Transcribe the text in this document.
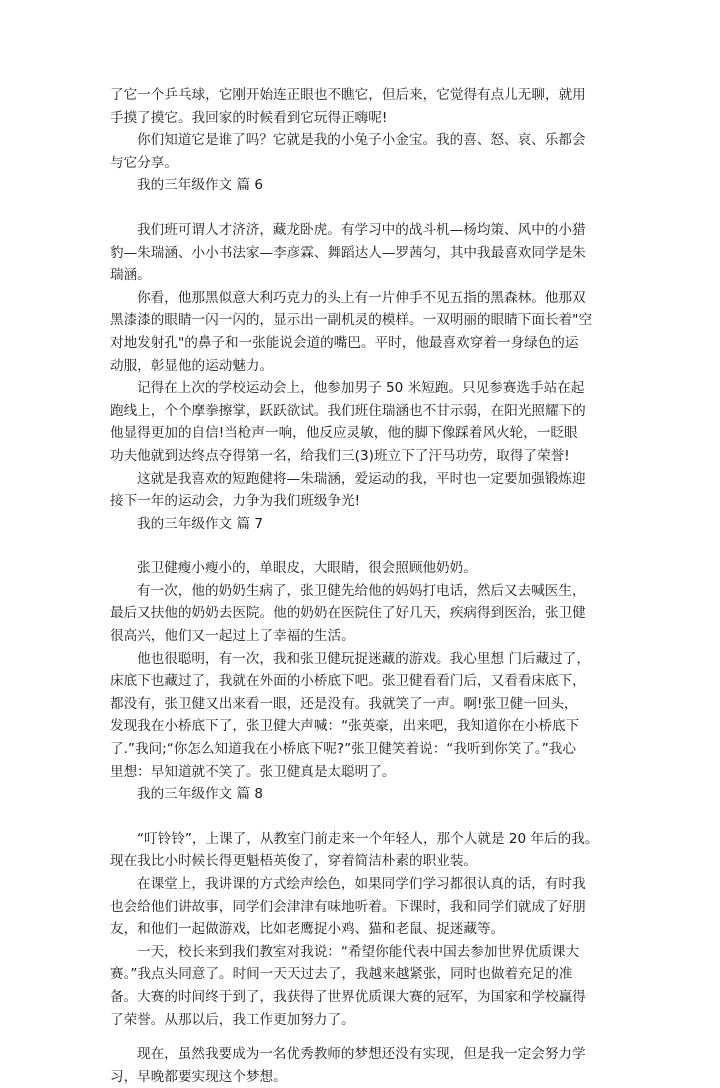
了它一个乒乓球，它刚开始连正眼也不瞧它，但后来，它觉得有点儿无聊，就用
手摸了摸它。我回家的时候看到它玩得正嗨呢!
你们知道它是谁了吗？它就是我的小兔子小金宝。我的喜、怒、哀、乐都会
与它分享。
我的三年级作文 篇 6
我们班可谓人才济济，藏龙卧虎。有学习中的战斗机—杨均策、风中的小猎
豹—朱瑞涵、小小书法家—李彦霖、舞蹈达人—罗茜匀，其中我最喜欢同学是朱
瑞涵。
你看，他那黑似意大利巧克力的头上有一片伸手不见五指的黑森林。他那双
黑漆漆的眼睛一闪一闪的，显示出一副机灵的模样。一双明丽的眼睛下面长着"空
对地发射孔"的鼻子和一张能说会道的嘴巴。平时，他最喜欢穿着一身绿色的运
动服，彰显他的运动魅力。
记得在上次的学校运动会上，他参加男子 50 米短跑。只见参赛选手站在起
跑线上，个个摩拳擦掌，跃跃欲试。我们班住瑞涵也不甘示弱，在阳光照耀下的
他显得更加的自信!当枪声一响，他反应灵敏，他的脚下像踩着风火轮，一眨眼
功夫他就到达终点夺得第一名，给我们三(3)班立下了汗马功劳，取得了荣誉!
这就是我喜欢的短跑健将—朱瑞涵，爱运动的我，平时也一定要加强锻炼迎
接下一年的运动会，力争为我们班级争光!
我的三年级作文 篇 7
张卫健瘦小瘦小的，单眼皮，大眼睛，很会照顾他奶奶。
有一次，他的奶奶生病了，张卫健先给他的妈妈打电话，然后又去喊医生，
最后又扶他的奶奶去医院。他的奶奶在医院住了好几天，疾病得到医治，张卫健
很高兴，他们又一起过上了幸福的生活。
他也很聪明，有一次，我和张卫健玩捉迷藏的游戏。我心里想 门后藏过了，
床底下也藏过了，我就在外面的小桥底下吧。张卫健看看门后，又看看床底下，
都没有，张卫健又出来看一眼，还是没有。我就笑了一声。啊!张卫健一回头，
发现我在小桥底下了，张卫健大声喊：“张英豪，出来吧，我知道你在小桥底下
了.”我问;“你怎么知道我在小桥底下呢?”张卫健笑着说：“我听到你笑了。”我心
里想：早知道就不笑了。张卫健真是太聪明了。
我的三年级作文 篇 8
“叮铃铃”，上课了，从教室门前走来一个年轻人，那个人就是 20 年后的我。
现在我比小时候长得更魁梧英俊了，穿着简洁朴素的职业装。
在课堂上，我讲课的方式绘声绘色，如果同学们学习都很认真的话，有时我
也会给他们讲故事，同学们会津津有味地听着。下课时，我和同学们就成了好朋
友，和他们一起做游戏，比如老鹰捉小鸡、猫和老鼠、捉迷藏等。
一天，校长来到我们教室对我说：“希望你能代表中国去参加世界优质课大
赛。”我点头同意了。时间一天天过去了，我越来越紧张，同时也做着充足的准
备。大赛的时间终于到了，我获得了世界优质课大赛的冠军，为国家和学校赢得
了荣誉。从那以后，我工作更加努力了。
现在，虽然我要成为一名优秀教师的梦想还没有实现，但是我一定会努力学
习，早晚都要实现这个梦想。
